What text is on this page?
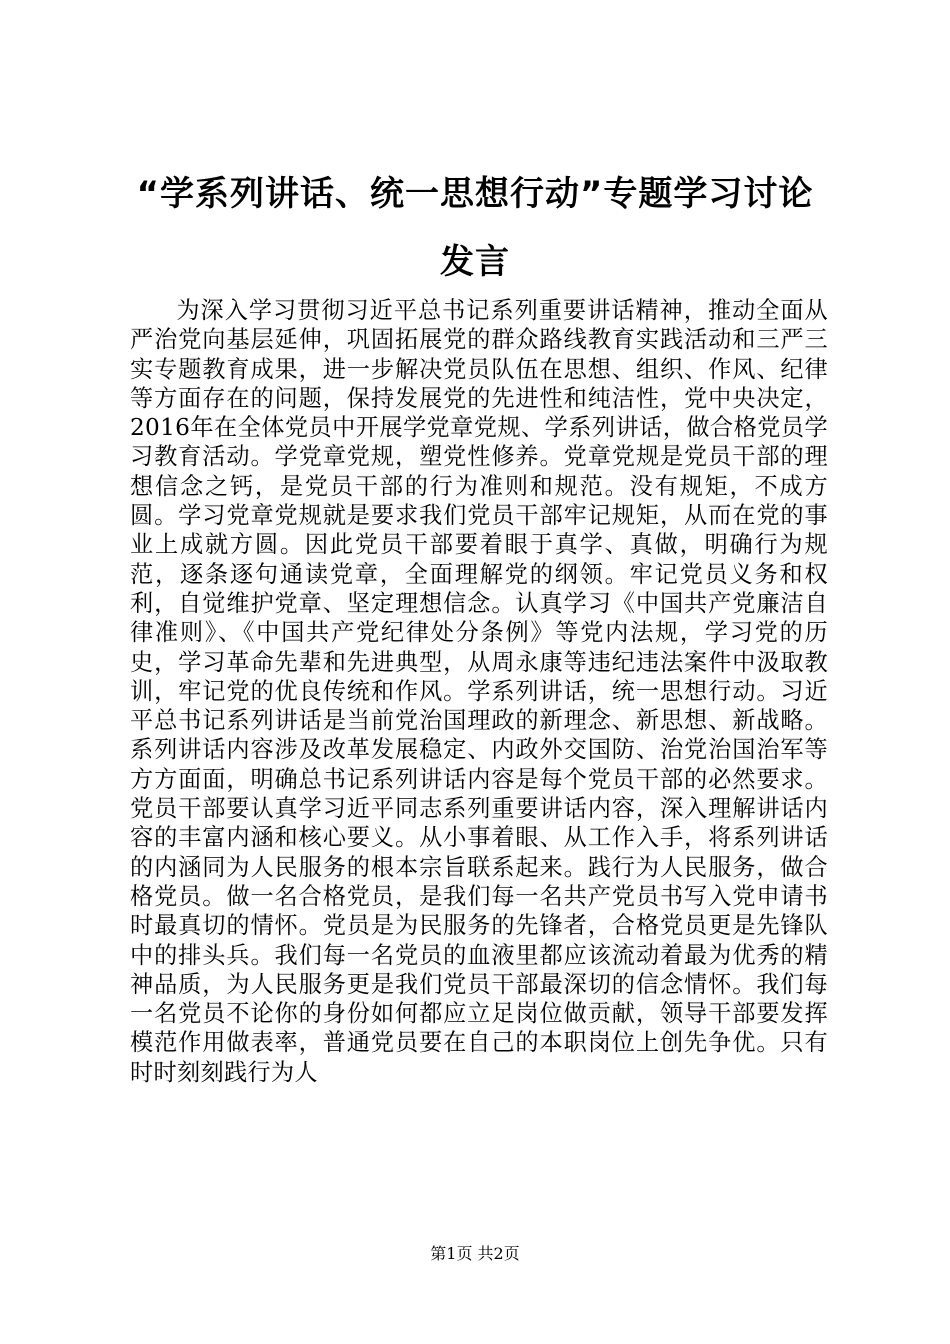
“学系列讲话、统一思想行动”专题学习讨论
发言

为深入学习贯彻习近平总书记系列重要讲话精神，推动全面从严治党向基层延伸，巩固拓展党的群众路线教育实践活动和三严三实专题教育成果，进一步解决党员队伍在思想、组织、作风、纪律等方面存在的问题，保持发展党的先进性和纯洁性，党中央决定，2016年在全体党员中开展学党章党规、学系列讲话，做合格党员学习教育活动。学党章党规，塑党性修养。党章党规是党员干部的理想信念之钙，是党员干部的行为准则和规范。没有规矩，不成方圆。学习党章党规就是要求我们党员干部牢记规矩，从而在党的事业上成就方圆。因此党员干部要着眼于真学、真做，明确行为规范，逐条逐句通读党章，全面理解党的纲领。牢记党员义务和权利，自觉维护党章、坚定理想信念。认真学习《中国共产党廉洁自律准则》、《中国共产党纪律处分条例》等党内法规，学习党的历史，学习革命先辈和先进典型，从周永康等违纪违法案件中汲取教训，牢记党的优良传统和作风。学系列讲话，统一思想行动。习近平总书记系列讲话是当前党治国理政的新理念、新思想、新战略。系列讲话内容涉及改革发展稳定、内政外交国防、治党治国治军等方方面面，明确总书记系列讲话内容是每个党员干部的必然要求。党员干部要认真学习近平同志系列重要讲话内容，深入理解讲话内容的丰富内涵和核心要义。从小事着眼、从工作入手，将系列讲话的内涵同为人民服务的根本宗旨联系起来。践行为人民服务，做合格党员。做一名合格党员，是我们每一名共产党员书写入党申请书时最真切的情怀。党员是为民服务的先锋者，合格党员更是先锋队中的排头兵。我们每一名党员的血液里都应该流动着最为优秀的精神品质，为人民服务更是我们党员干部最深切的信念情怀。我们每一名党员不论你的身份如何都应立足岗位做贡献，领导干部要发挥模范作用做表率，普通党员要在自己的本职岗位上创先争优。只有时时刻刻践行为人

第1页 共2页
